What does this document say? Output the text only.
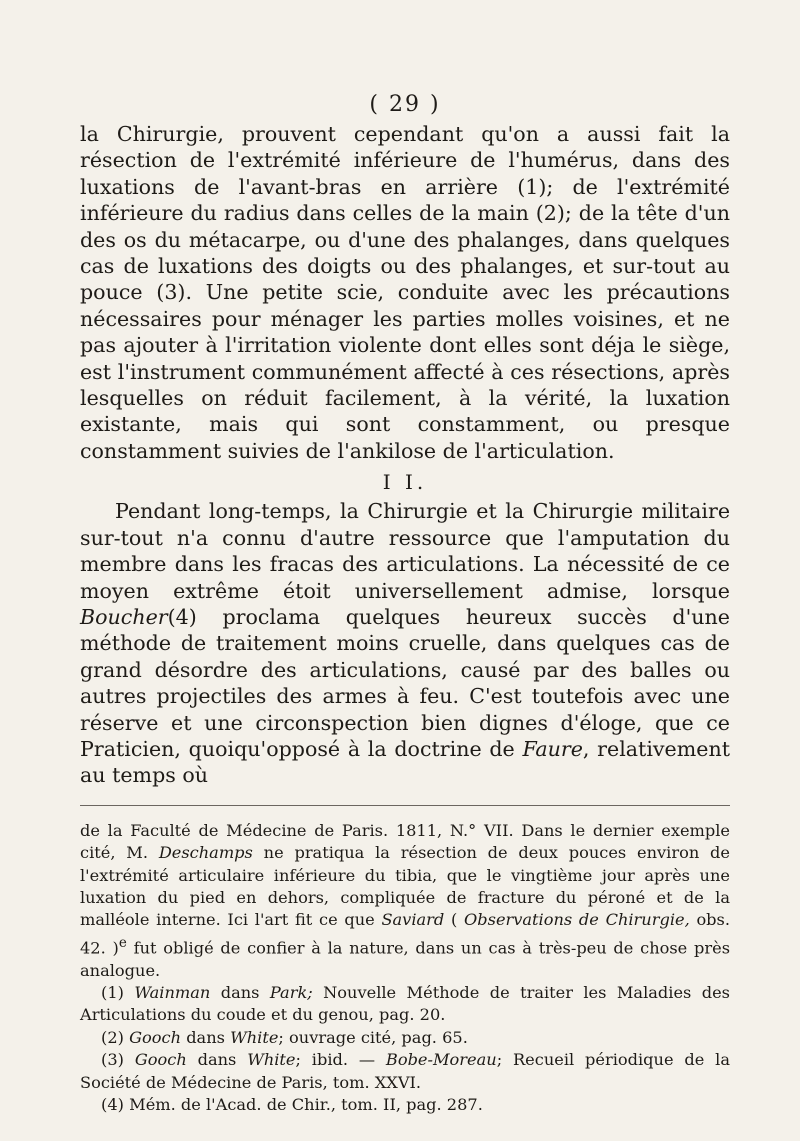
( 29 )

la Chirurgie, prouvent cependant qu'on a aussi fait la résection de l'extrémité inférieure de l'humérus, dans des luxations de l'avant-bras en arrière (1); de l'extrémité inférieure du radius dans celles de la main (2); de la tête d'un des os du métacarpe, ou d'une des phalanges, dans quelques cas de luxations des doigts ou des phalanges, et sur-tout au pouce (3). Une petite scie, conduite avec les précautions nécessaires pour ménager les parties molles voisines, et ne pas ajouter à l'irritation violente dont elles sont déja le siège, est l'instrument communément affecté à ces résections, après lesquelles on réduit facilement, à la vérité, la luxation existante, mais qui sont constamment, ou presque constamment suivies de l'ankilose de l'articulation.

I I.

Pendant long-temps, la Chirurgie et la Chirurgie militaire sur-tout n'a connu d'autre ressource que l'amputation du membre dans les fracas des articulations. La nécessité de ce moyen extrême étoit universellement admise, lorsque Boucher(4) proclama quelques heureux succès d'une méthode de traitement moins cruelle, dans quelques cas de grand désordre des articulations, causé par des balles ou autres projectiles des armes à feu. C'est toutefois avec une réserve et une circonspection bien dignes d'éloge, que ce Praticien, quoiqu'opposé à la doctrine de Faure, relativement au temps où

de la Faculté de Médecine de Paris. 1811, N.° VII. Dans le dernier exemple cité, M. Deschamps ne pratiqua la résection de deux pouces environ de l'extrémité articulaire inférieure du tibia, que le vingtième jour après une luxation du pied en dehors, compliquée de fracture du péroné et de la malléole interne. Ici l'art fit ce que Saviard ( Observations de Chirurgie, obs. 42. )$^e$ fut obligé de confier à la nature, dans un cas à très-peu de chose près analogue.

(1) Wainman dans Park; Nouvelle Méthode de traiter les Maladies des Articulations du coude et du genou, pag. 20.

(2) Gooch dans White; ouvrage cité, pag. 65.

(3) Gooch dans White; ibid. — Bobe-Moreau; Recueil périodique de la Société de Médecine de Paris, tom. XXVI.

(4) Mém. de l'Acad. de Chir., tom. II, pag. 287.
